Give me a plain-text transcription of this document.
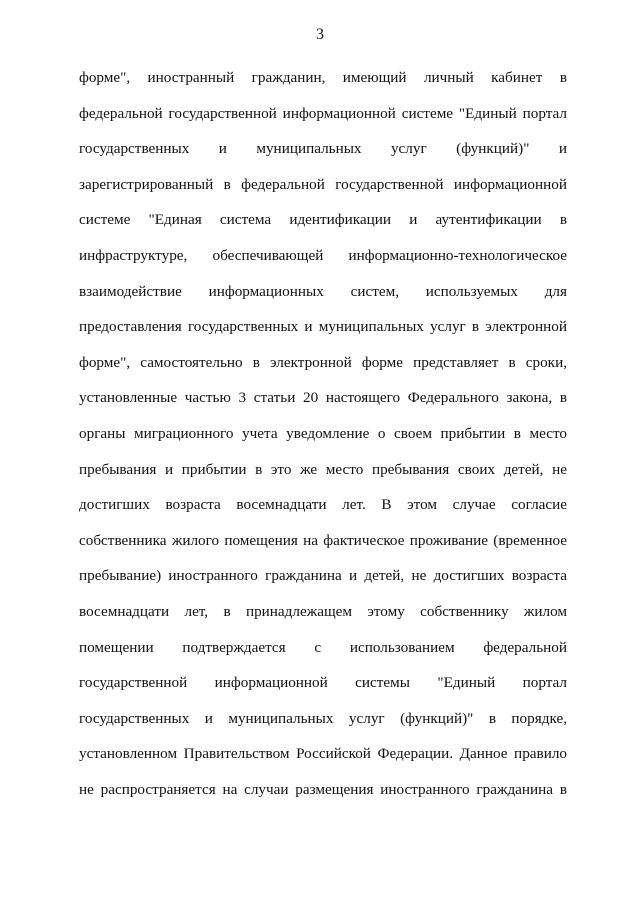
3
форме", иностранный гражданин, имеющий личный кабинет в
федеральной государственной информационной системе "Единый портал
государственных и муниципальных услуг (функций)" и
зарегистрированный в федеральной государственной информационной
системе "Единая система идентификации и аутентификации в
инфраструктуре, обеспечивающей информационно-технологическое
взаимодействие информационных систем, используемых для
предоставления государственных и муниципальных услуг в электронной
форме", самостоятельно в электронной форме представляет в сроки,
установленные частью 3 статьи 20 настоящего Федерального закона, в
органы миграционного учета уведомление о своем прибытии в место
пребывания и прибытии в это же место пребывания своих детей, не
достигших возраста восемнадцати лет. В этом случае согласие
собственника жилого помещения на фактическое проживание (временное
пребывание) иностранного гражданина и детей, не достигших возраста
восемнадцати лет, в принадлежащем этому собственнику жилом
помещении подтверждается с использованием федеральной
государственной информационной системы "Единый портал
государственных и муниципальных услуг (функций)" в порядке,
установленном Правительством Российской Федерации. Данное правило
не распространяется на случаи размещения иностранного гражданина в
